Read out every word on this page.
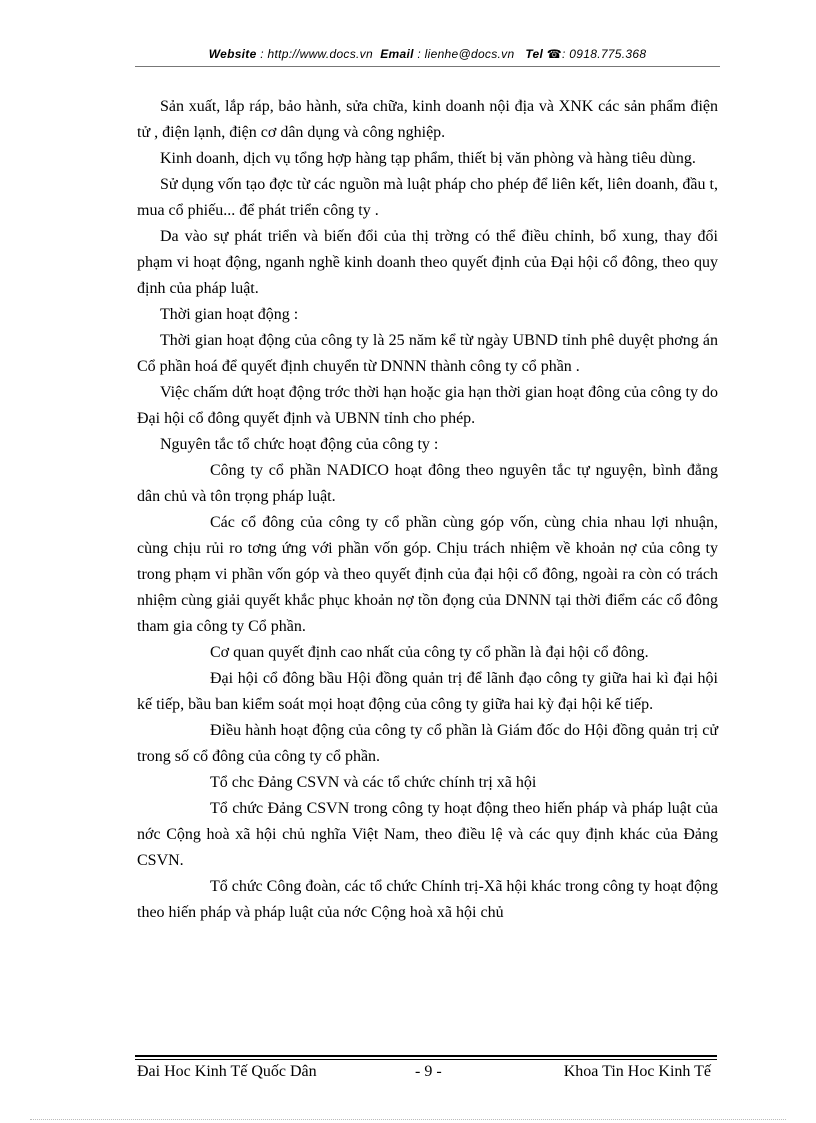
Website : http://www.docs.vn Email : lienhe@docs.vn Tel ☎: 0918.775.368

Sản xuất, lắp ráp, bảo hành, sửa chữa, kinh doanh nội địa và XNK các sản phẩm điện tử , điện lạnh, điện cơ dân dụng và công nghiệp.

Kinh doanh, dịch vụ tổng hợp hàng tạp phẩm, thiết bị văn phòng và hàng tiêu dùng.

Sử dụng vốn tạo đợc từ các nguồn mà luật pháp cho phép để liên kết, liên doanh, đầu t, mua cổ phiếu... để phát triển công ty .

Da vào sự phát triển và biến đổi của thị trờng có thể điều chỉnh, bổ xung, thay đổi phạm vi hoạt động, nganh nghề kinh doanh theo quyết định của Đại hội cổ đông, theo quy định của pháp luật.

Thời gian hoạt động :

Thời gian hoạt động của công ty là 25 năm kể từ ngày UBND tỉnh phê duyệt phơng án Cổ phần hoá để quyết định chuyển từ DNNN thành công ty cổ phần .

Việc chấm dứt hoạt động trớc thời hạn hoặc gia hạn thời gian hoạt đông của công ty do Đại hội cổ đông quyết định và UBNN tỉnh cho phép.

Nguyên tắc tổ chức hoạt động của công ty :

Công ty cổ phần NADICO hoạt đông theo nguyên tắc tự nguyện, bình đẳng dân chủ và tôn trọng pháp luật.

Các cổ đông của công ty cổ phần cùng góp vốn, cùng chia nhau lợi nhuận, cùng chịu rủi ro tơng ứng với phần vốn góp. Chịu trách nhiệm về khoản nợ của công ty trong phạm vi phần vốn góp và theo quyết định của đại hội cổ đông, ngoài ra còn có trách nhiệm cùng giải quyết khắc phục khoản nợ tồn đọng của DNNN tại thời điểm các cổ đông tham gia công ty Cổ phần.

Cơ quan quyết định cao nhất của công ty cổ phần là đại hội cổ đông.

Đại hội cổ đông bầu Hội đồng quản trị để lãnh đạo công ty giữa hai kì đại hội kế tiếp, bầu ban kiểm soát mọi hoạt động của công ty giữa hai kỳ đại hội kế tiếp.

Điều hành hoạt động của công ty cổ phần là Giám đốc do Hội đồng quản trị cử trong số cổ đông của công ty cổ phần.

Tổ chc Đảng CSVN và các tổ chức chính trị xã hội

Tổ chức Đảng CSVN trong công ty hoạt động theo hiến pháp và pháp luật của nớc Cộng hoà xã hội chủ nghĩa Việt Nam, theo điều lệ và các quy định khác của Đảng CSVN.

Tổ chức Công đoàn, các tổ chức Chính trị-Xã hội khác trong công ty hoạt động theo hiến pháp và pháp luật của nớc Cộng hoà xã hội chủ

Đai Hoc Kinh Tế Quốc Dân	- 9 -	Khoa Tin Hoc Kinh Tế
